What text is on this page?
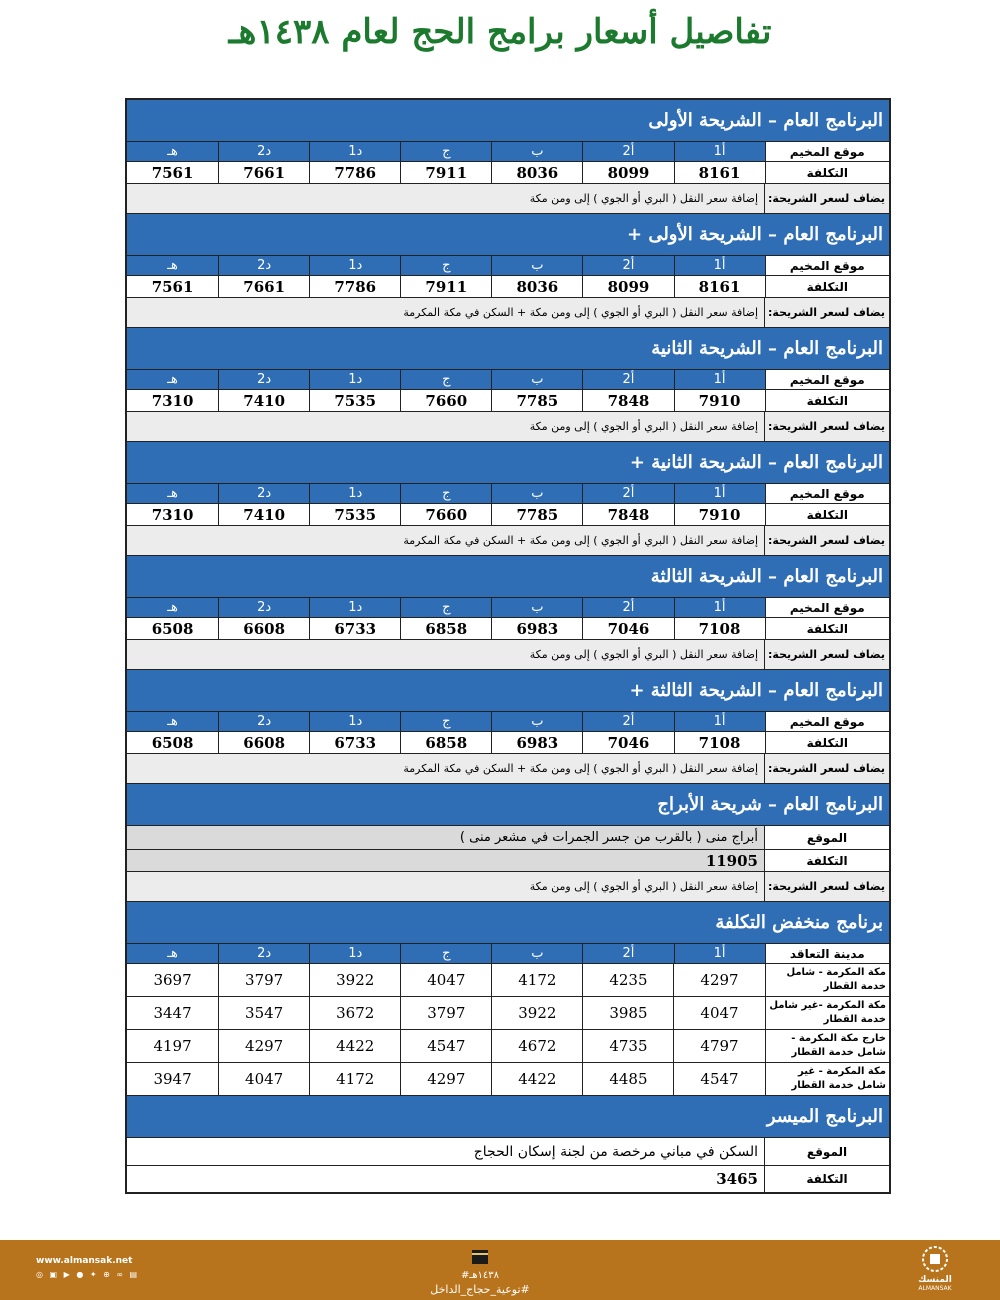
تفاصيل أسعار برامج الحج لعام ١٤٣٨هـ
البرنامج العام – الشريحة الأولى
موقع المخيم
أ1
أ2
ب
ج
د1
د2
هـ
التكلفة
8161
8099
8036
7911
7786
7661
7561
يضاف لسعر الشريحة:
إضافة سعر النقل ( البري أو الجوي ) إلى ومن مكة
البرنامج العام – الشريحة الأولى +
موقع المخيم
أ1
أ2
ب
ج
د1
د2
هـ
التكلفة
8161
8099
8036
7911
7786
7661
7561
يضاف لسعر الشريحة:
إضافة سعر النقل ( البري أو الجوي ) إلى ومن مكة + السكن في مكة المكرمة
البرنامج العام – الشريحة الثانية
موقع المخيم
أ1
أ2
ب
ج
د1
د2
هـ
التكلفة
7910
7848
7785
7660
7535
7410
7310
يضاف لسعر الشريحة:
إضافة سعر النقل ( البري أو الجوي ) إلى ومن مكة
البرنامج العام – الشريحة الثانية +
موقع المخيم
أ1
أ2
ب
ج
د1
د2
هـ
التكلفة
7910
7848
7785
7660
7535
7410
7310
يضاف لسعر الشريحة:
إضافة سعر النقل ( البري أو الجوي ) إلى ومن مكة + السكن في مكة المكرمة
البرنامج العام – الشريحة الثالثة
موقع المخيم
أ1
أ2
ب
ج
د1
د2
هـ
التكلفة
7108
7046
6983
6858
6733
6608
6508
يضاف لسعر الشريحة:
إضافة سعر النقل ( البري أو الجوي ) إلى ومن مكة
البرنامج العام – الشريحة الثالثة +
موقع المخيم
أ1
أ2
ب
ج
د1
د2
هـ
التكلفة
7108
7046
6983
6858
6733
6608
6508
يضاف لسعر الشريحة:
إضافة سعر النقل ( البري أو الجوي ) إلى ومن مكة + السكن في مكة المكرمة
البرنامج العام – شريحة الأبراج
الموقع
أبراج منى ( بالقرب من جسر الجمرات في مشعر منى )
التكلفة
11905
يضاف لسعر الشريحة:
إضافة سعر النقل ( البري أو الجوي ) إلى ومن مكة
برنامج منخفض التكلفة
مدينة التعاقد
أ1
أ2
ب
ج
د1
د2
هـ
مكة المكرمة - شامل خدمة القطار
4297
4235
4172
4047
3922
3797
3697
مكة المكرمة -غير شامل خدمة القطار
4047
3985
3922
3797
3672
3547
3447
خارج مكة المكرمة - شامل خدمة القطار
4797
4735
4672
4547
4422
4297
4197
مكة المكرمة - غير شامل خدمة القطار
4547
4485
4422
4297
4172
4047
3947
البرنامج الميسر
الموقع
السكن في مباني مرخصة من لجنة إسكان الحجاج
التكلفة
3465
www.almansak.net
◎ ▣ ▶ ● ✦ ⊕ ∞ ▤	#١٤٣٨هـ
#توعية_حجاج_الداخل
المنسك
ALMANSAK
